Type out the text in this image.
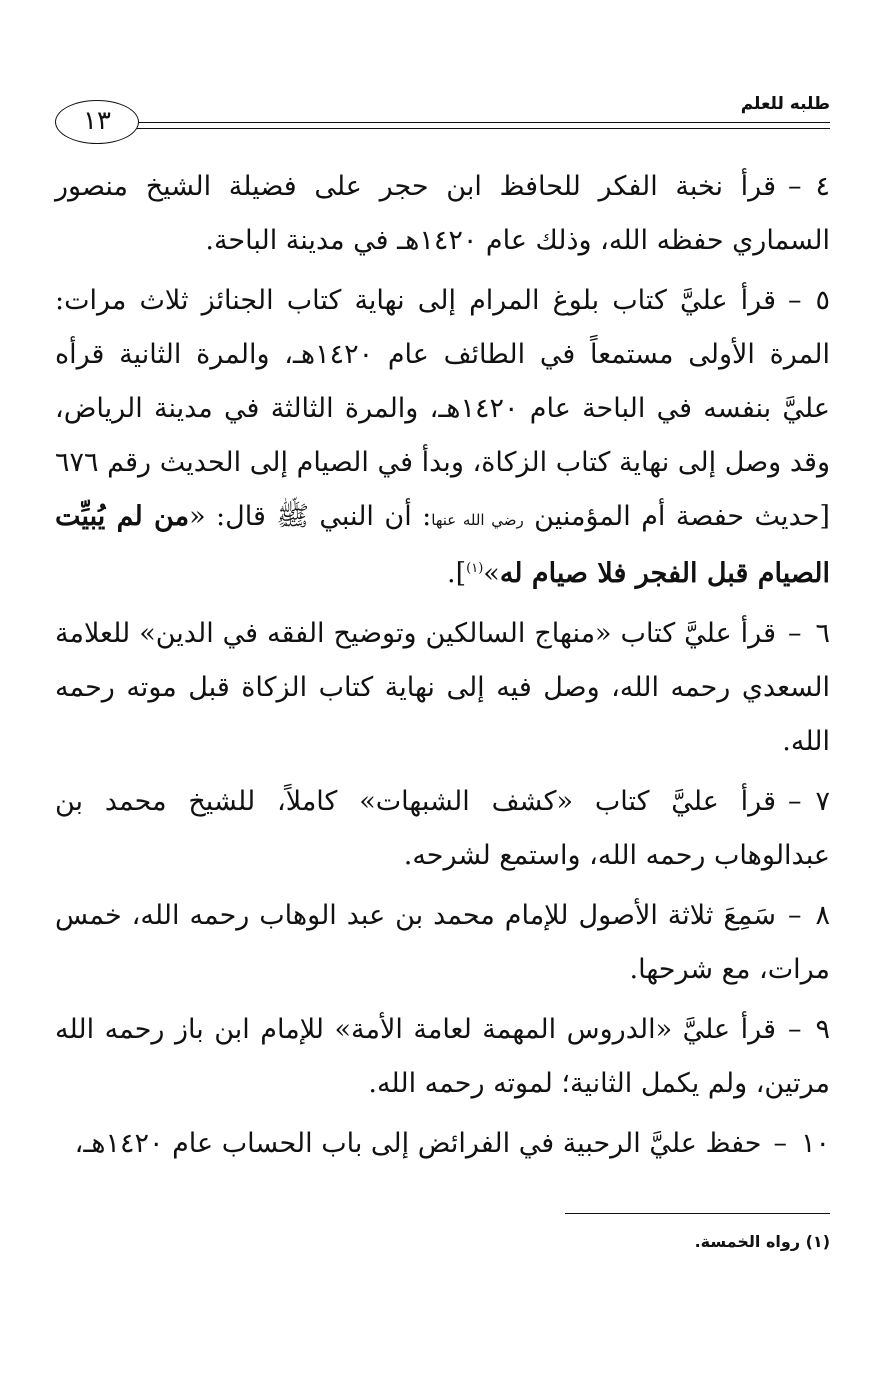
طلبه للعلم
١٣

٤–قرأ نخبة الفكر للحافظ ابن حجر على فضيلة الشيخ منصور السماري حفظه الله، وذلك عام ١٤٢٠هـ في مدينة الباحة.

٥–قرأ عليَّ كتاب بلوغ المرام إلى نهاية كتاب الجنائز ثلاث مرات: المرة الأولى مستمعاً في الطائف عام ١٤٢٠هـ، والمرة الثانية قرأه عليَّ بنفسه في الباحة عام ١٤٢٠هـ، والمرة الثالثة في مدينة الرياض، وقد وصل إلى نهاية كتاب الزكاة، وبدأ في الصيام إلى الحديث رقم ٦٧٦ [حديث حفصة أم المؤمنين رضي الله عنها: أن النبي ﷺ قال: «من لم يُبيِّت الصيام قبل الفجر فلا صيام له»$^{(١)}$].

٦–قرأ عليَّ كتاب «منهاج السالكين وتوضيح الفقه في الدين» للعلامة السعدي رحمه الله، وصل فيه إلى نهاية كتاب الزكاة قبل موته رحمه الله.

٧–قرأ عليَّ كتاب «كشف الشبهات» كاملاً، للشيخ محمد بن عبدالوهاب رحمه الله، واستمع لشرحه.

٨–سَمِعَ ثلاثة الأصول للإمام محمد بن عبد الوهاب رحمه الله، خمس مرات، مع شرحها.

٩–قرأ عليَّ «الدروس المهمة لعامة الأمة» للإمام ابن باز رحمه الله مرتين، ولم يكمل الثانية؛ لموته رحمه الله.

١٠–حفظ عليَّ الرحبية في الفرائض إلى باب الحساب عام ١٤٢٠هـ،

(١) رواه الخمسة.
